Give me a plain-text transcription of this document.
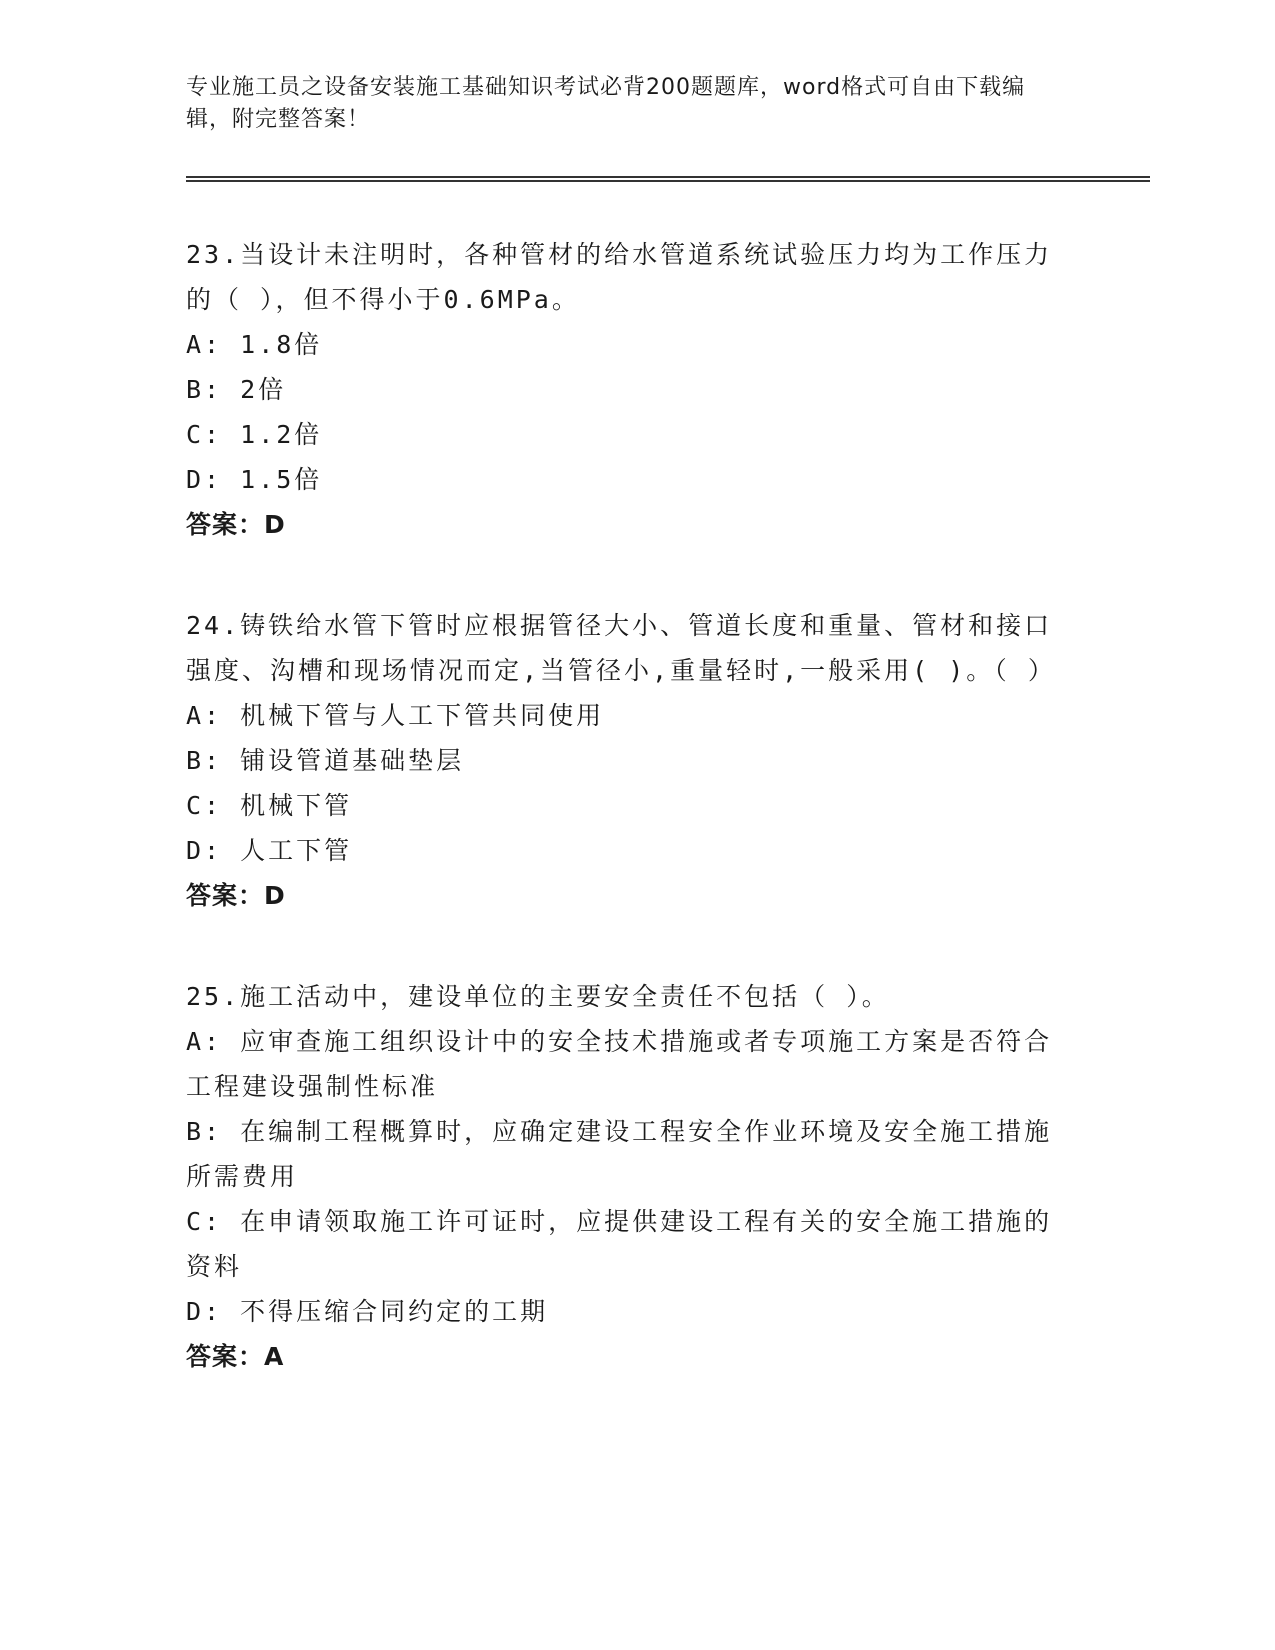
专业施工员之设备安装施工基础知识考试必背200题题库，word格式可自由下载编辑，附完整答案！

23.当设计未注明时，各种管材的给水管道系统试验压力均为工作压力的（ ），但不得小于0.6MPa。

A: 1.8倍

B: 2倍

C: 1.2倍

D: 1.5倍

答案：D

24.铸铁给水管下管时应根据管径大小、管道长度和重量、管材和接口强度、沟槽和现场情况而定,当管径小,重量轻时,一般采用( )。（ ）

A: 机械下管与人工下管共同使用

B: 铺设管道基础垫层

C: 机械下管

D: 人工下管

答案：D

25.施工活动中，建设单位的主要安全责任不包括（ ）。

A: 应审查施工组织设计中的安全技术措施或者专项施工方案是否符合工程建设强制性标准

B: 在编制工程概算时，应确定建设工程安全作业环境及安全施工措施所需费用

C: 在申请领取施工许可证时，应提供建设工程有关的安全施工措施的资料

D: 不得压缩合同约定的工期

答案：A
